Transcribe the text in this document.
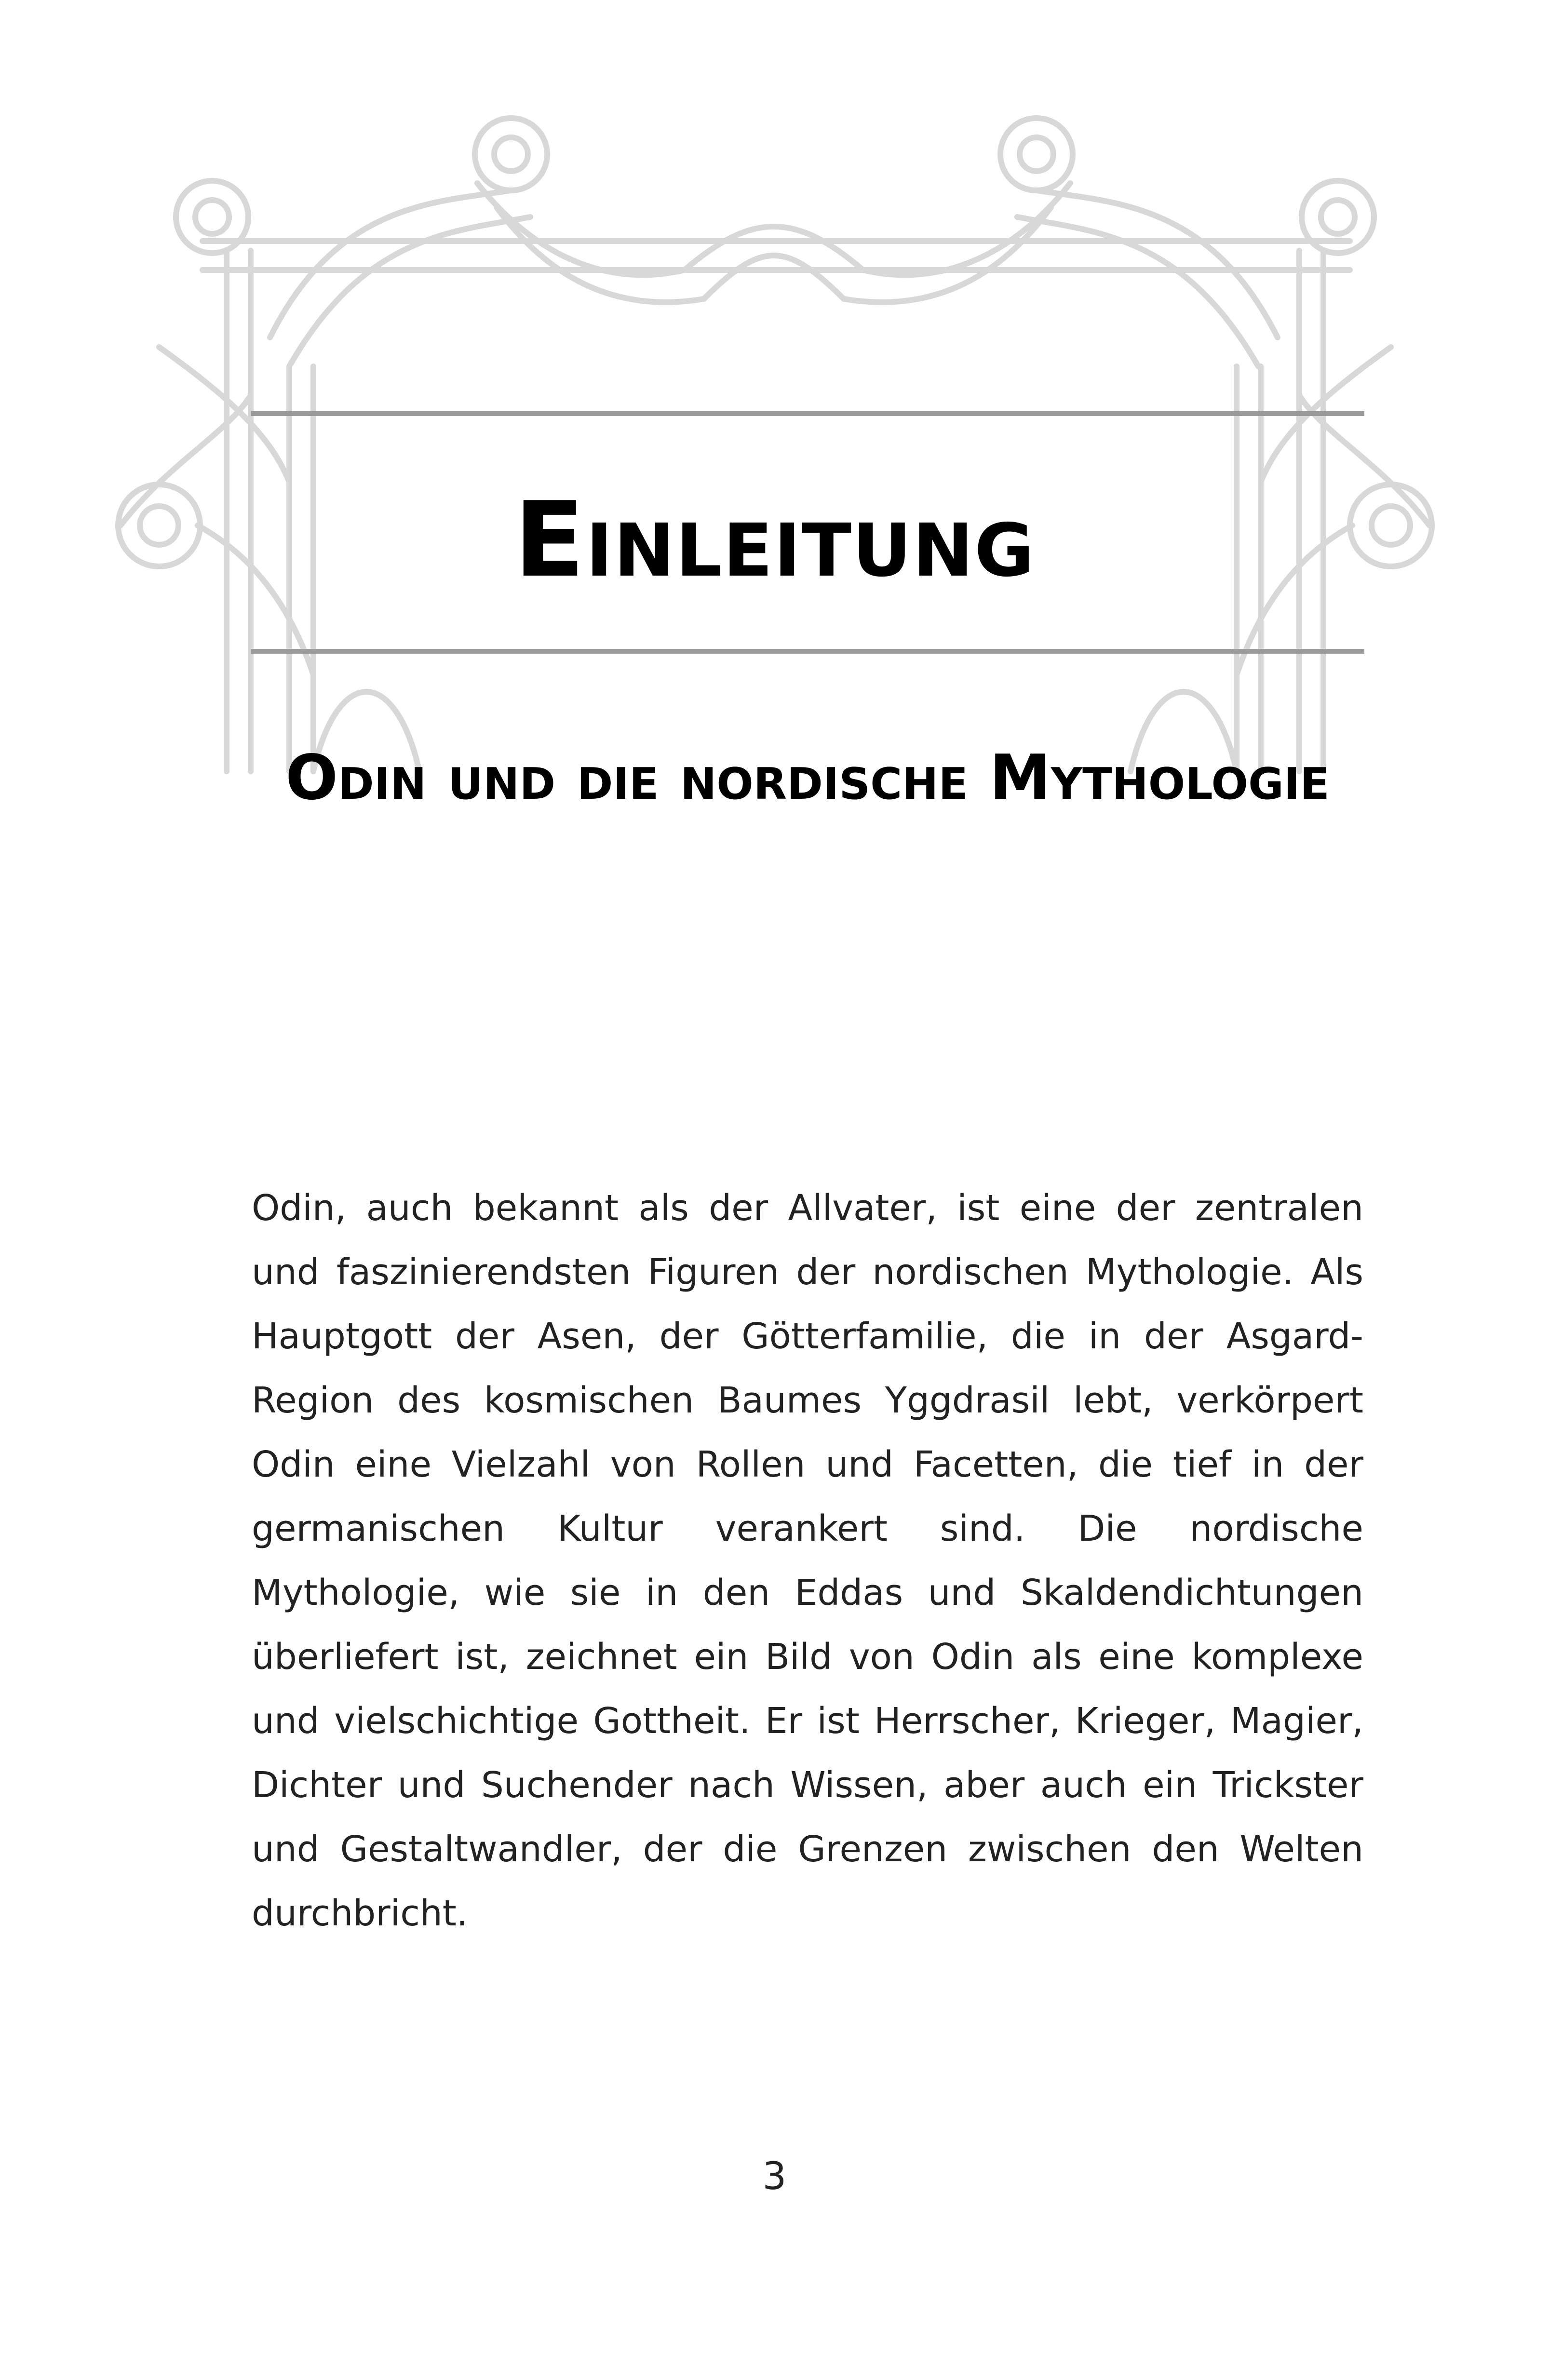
Einleitung
Odin und die nordische Mythologie

Odin, auch bekannt als der Allvater, ist eine der zentralen und faszinierendsten Figuren der nordischen Mythologie. Als Hauptgott der Asen, der Götterfamilie, die in der Asgard-Region des kosmischen Baumes Yggdrasil lebt, verkörpert Odin eine Vielzahl von Rollen und Facetten, die tief in der germanischen Kultur verankert sind. Die nordische Mythologie, wie sie in den Eddas und Skaldendichtungen überliefert ist, zeichnet ein Bild von Odin als eine komplexe und vielschichtige Gottheit. Er ist Herrscher, Krieger, Magier, Dichter und Suchender nach Wissen, aber auch ein Trickster und Gestaltwandler, der die Grenzen zwischen den Welten durchbricht.

3
